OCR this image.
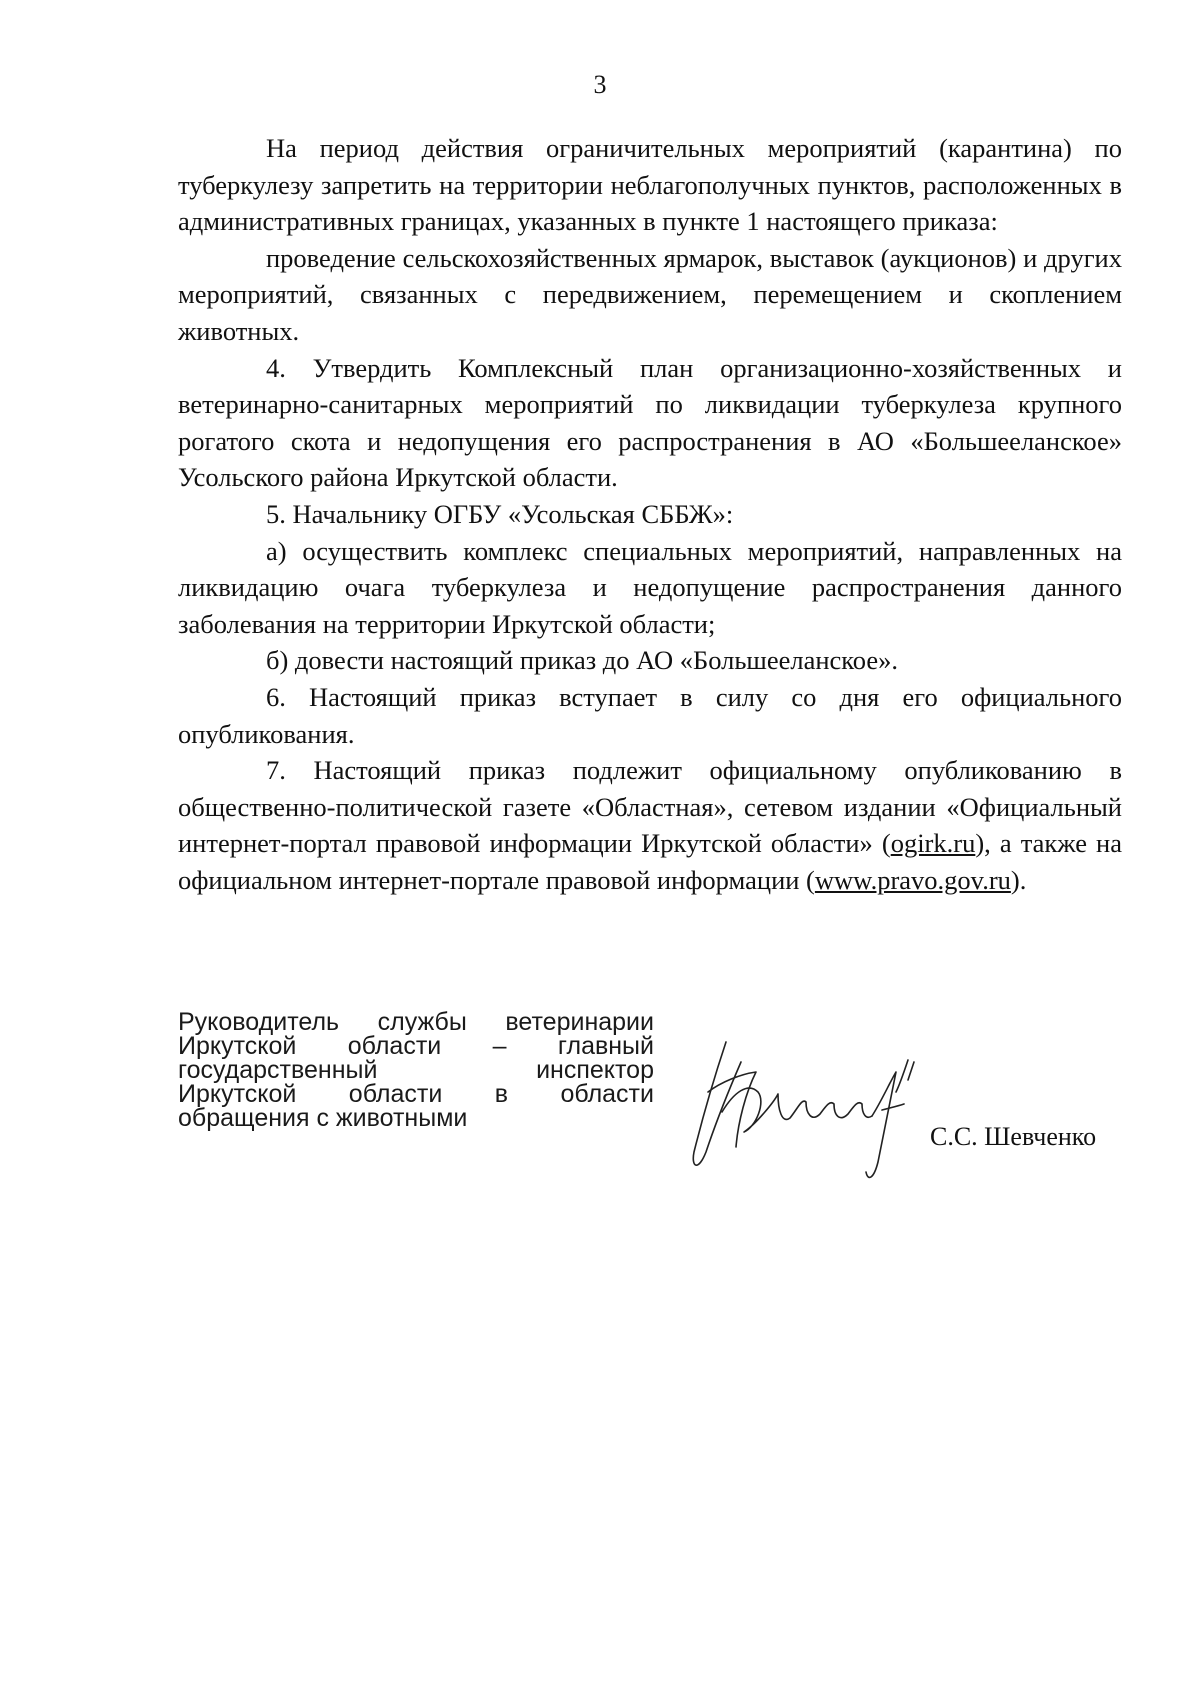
3

На период действия ограничительных мероприятий (карантина) по туберкулезу запретить на территории неблагополучных пунктов, расположенных в административных границах, указанных в пункте 1 настоящего приказа:

проведение сельскохозяйственных ярмарок, выставок (аукционов) и других мероприятий, связанных с передвижением, перемещением и скоплением животных.

4. Утвердить Комплексный план организационно-хозяйственных и ветеринарно-санитарных мероприятий по ликвидации туберкулеза крупного рогатого скота и недопущения его распространения в АО «Большееланское» Усольского района Иркутской области.

5. Начальнику ОГБУ «Усольская СББЖ»:

а) осуществить комплекс специальных мероприятий, направленных на ликвидацию очага туберкулеза и недопущение распространения данного заболевания на территории Иркутской области;

б) довести настоящий приказ до АО «Большееланское».

6. Настоящий приказ вступает в силу со дня его официального опубликования.

7. Настоящий приказ подлежит официальному опубликованию в общественно-политической газете «Областная», сетевом издании «Официальный интернет-портал правовой информации Иркутской области» (ogirk.ru), а также на официальном интернет-портале правовой информации (www.pravo.gov.ru).

Руководитель службы ветеринарии
Иркутской области – главный
государственный	инспектор
Иркутской области в области
обращения с животными
С.С. Шевченко
